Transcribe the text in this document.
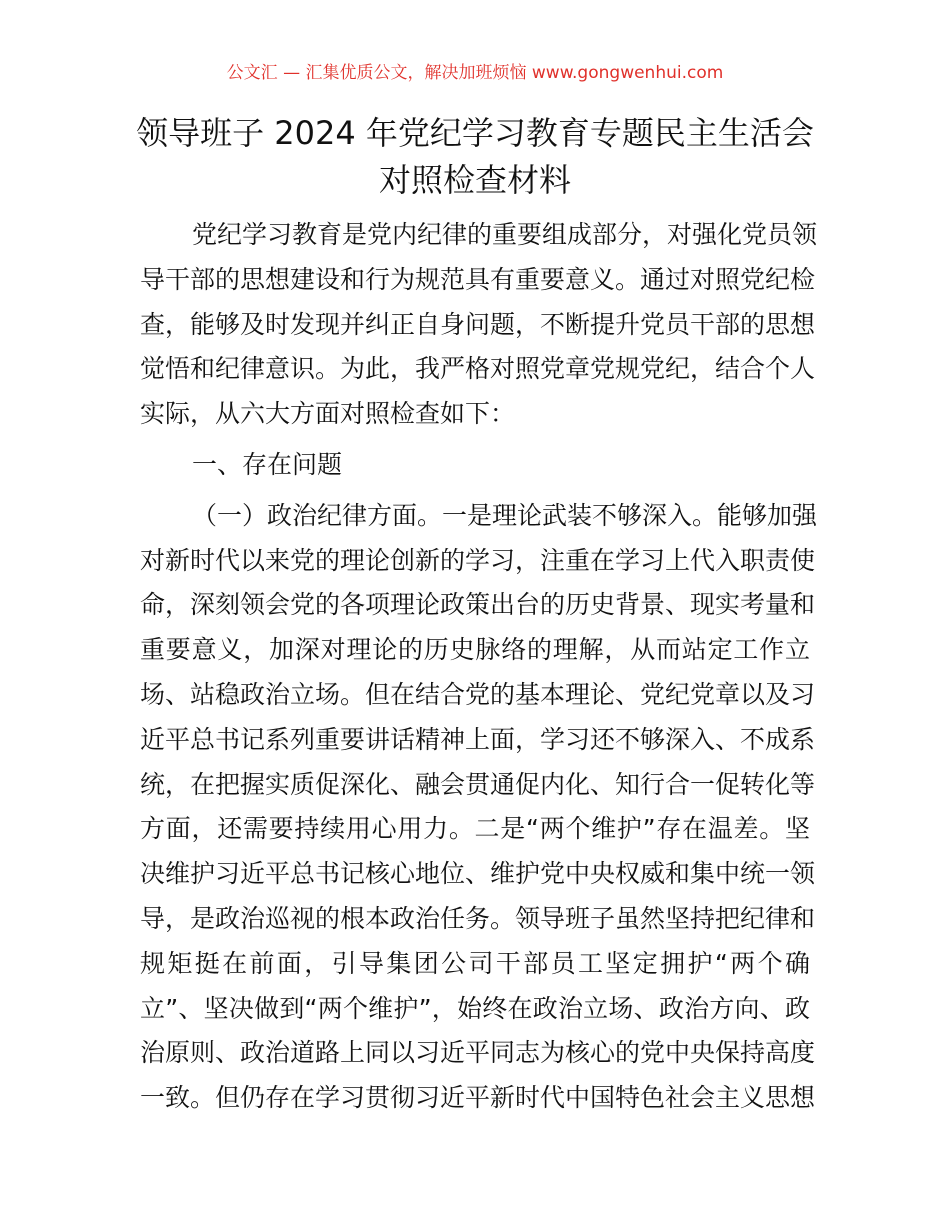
公文汇 — 汇集优质公文，解决加班烦恼 www.gongwenhui.com
领导班子 2024 年党纪学习教育专题民主生活会
对照检查材料
党纪学习教育是党内纪律的重要组成部分，对强化党员领
导干部的思想建设和行为规范具有重要意义。通过对照党纪检
查，能够及时发现并纠正自身问题，不断提升党员干部的思想
觉悟和纪律意识。为此，我严格对照党章党规党纪，结合个人
实际，从六大方面对照检查如下：
一、存在问题
（一）政治纪律方面。一是理论武装不够深入。能够加强
对新时代以来党的理论创新的学习，注重在学习上代入职责使
命，深刻领会党的各项理论政策出台的历史背景、现实考量和
重要意义，加深对理论的历史脉络的理解，从而站定工作立
场、站稳政治立场。但在结合党的基本理论、党纪党章以及习
近平总书记系列重要讲话精神上面，学习还不够深入、不成系
统，在把握实质促深化、融会贯通促内化、知行合一促转化等
方面，还需要持续用心用力。二是“两个维护”存在温差。坚
决维护习近平总书记核心地位、维护党中央权威和集中统一领
导，是政治巡视的根本政治任务。领导班子虽然坚持把纪律和
规矩挺在前面，引导集团公司干部员工坚定拥护“两个确
立”、坚决做到“两个维护”，始终在政治立场、政治方向、政
治原则、政治道路上同以习近平同志为核心的党中央保持高度
一致。但仍存在学习贯彻习近平新时代中国特色社会主义思想
